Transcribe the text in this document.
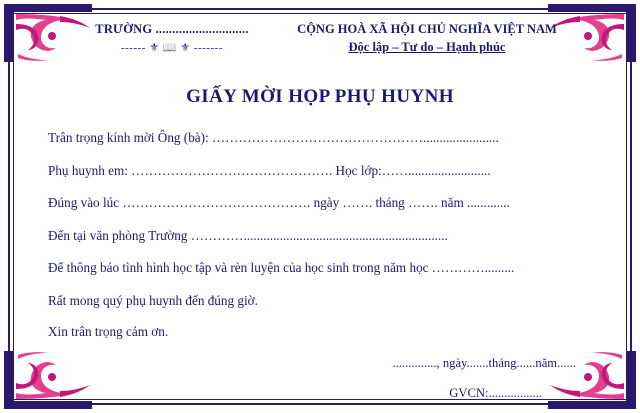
TRƯỜNG ............................
------ ⚜ 📖 ⚜ -------
CỘNG HOÀ XÃ HỘI CHỦ NGHĨA VIỆT NAM
Độc lập – Tư do – Hạnh phúc
GIẤY MỜI HỌP PHỤ HUYNH
Trân trọng kính mời Ông (bà): ………………………………………….......................
Phụ huynh em: ………………………………………. Học lớp:…….........................
Đúng vào lúc ……………………………………. ngày ……. tháng ……. năm .............
Đến tại văn phòng Trường …………..............................................................
Để thông báo tình hình học tập và rèn luyện của học sinh trong năm học ………….........
Rất mong quý phụ huynh đến đúng giờ.
Xin trân trọng cảm ơn.
.............., ngày.......tháng......năm......
GVCN:.................
